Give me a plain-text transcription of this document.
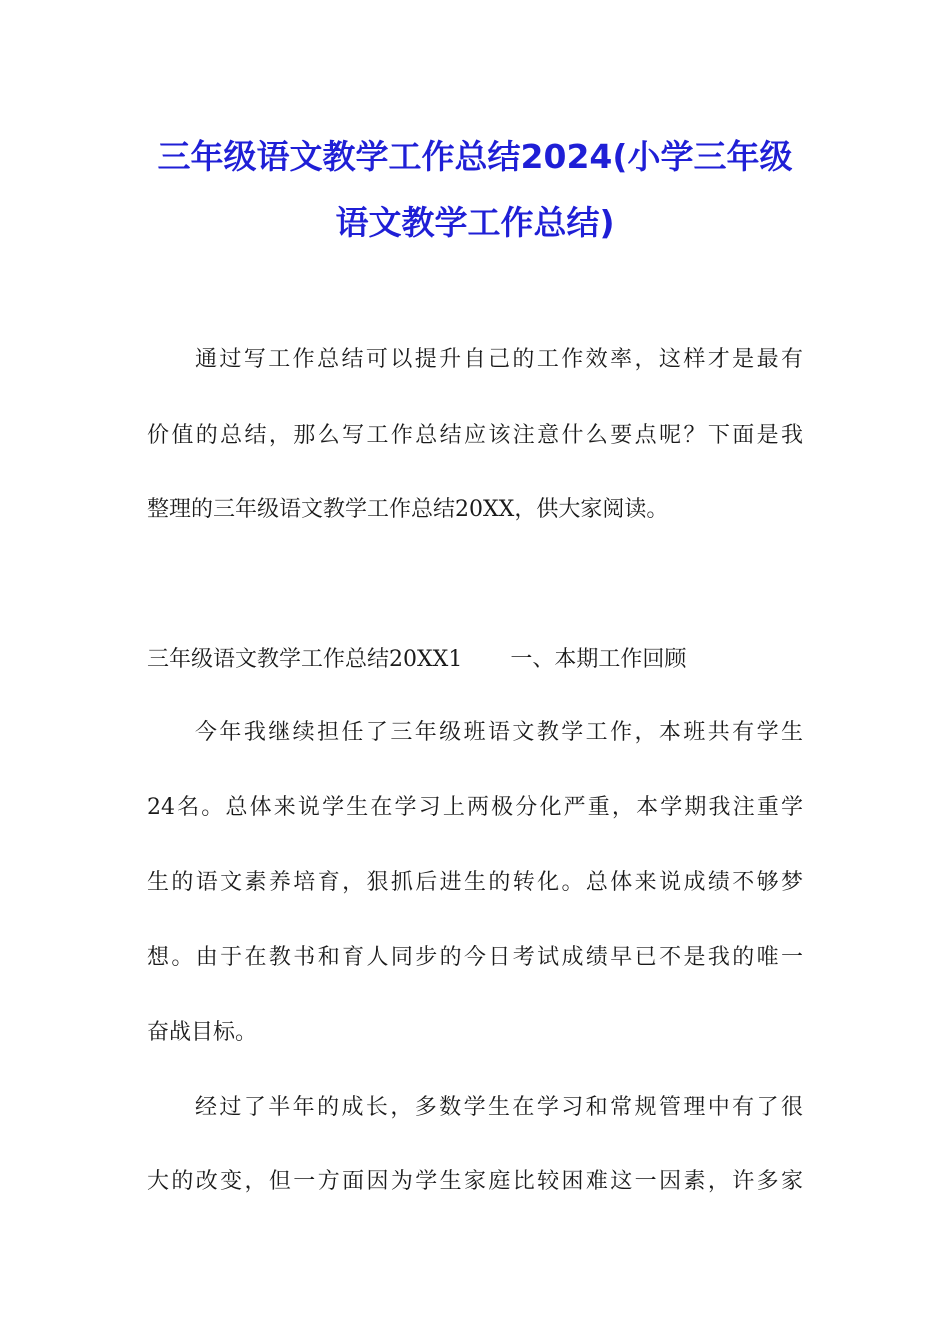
三年级语文教学工作总结2024(小学三年级
语文教学工作总结)

通过写工作总结可以提升自己的工作效率，这样才是最有

价值的总结，那么写工作总结应该注意什么要点呢？下面是我

整理的三年级语文教学工作总结20XX，供大家阅读。

三年级语文教学工作总结20XX1 一、本期工作回顾

今年我继续担任了三年级班语文教学工作，本班共有学生

24名。总体来说学生在学习上两极分化严重，本学期我注重学

生的语文素养培育，狠抓后进生的转化。总体来说成绩不够梦

想。由于在教书和育人同步的今日考试成绩早已不是我的唯一

奋战目标。

经过了半年的成长，多数学生在学习和常规管理中有了很

大的改变，但一方面因为学生家庭比较困难这一因素，许多家
